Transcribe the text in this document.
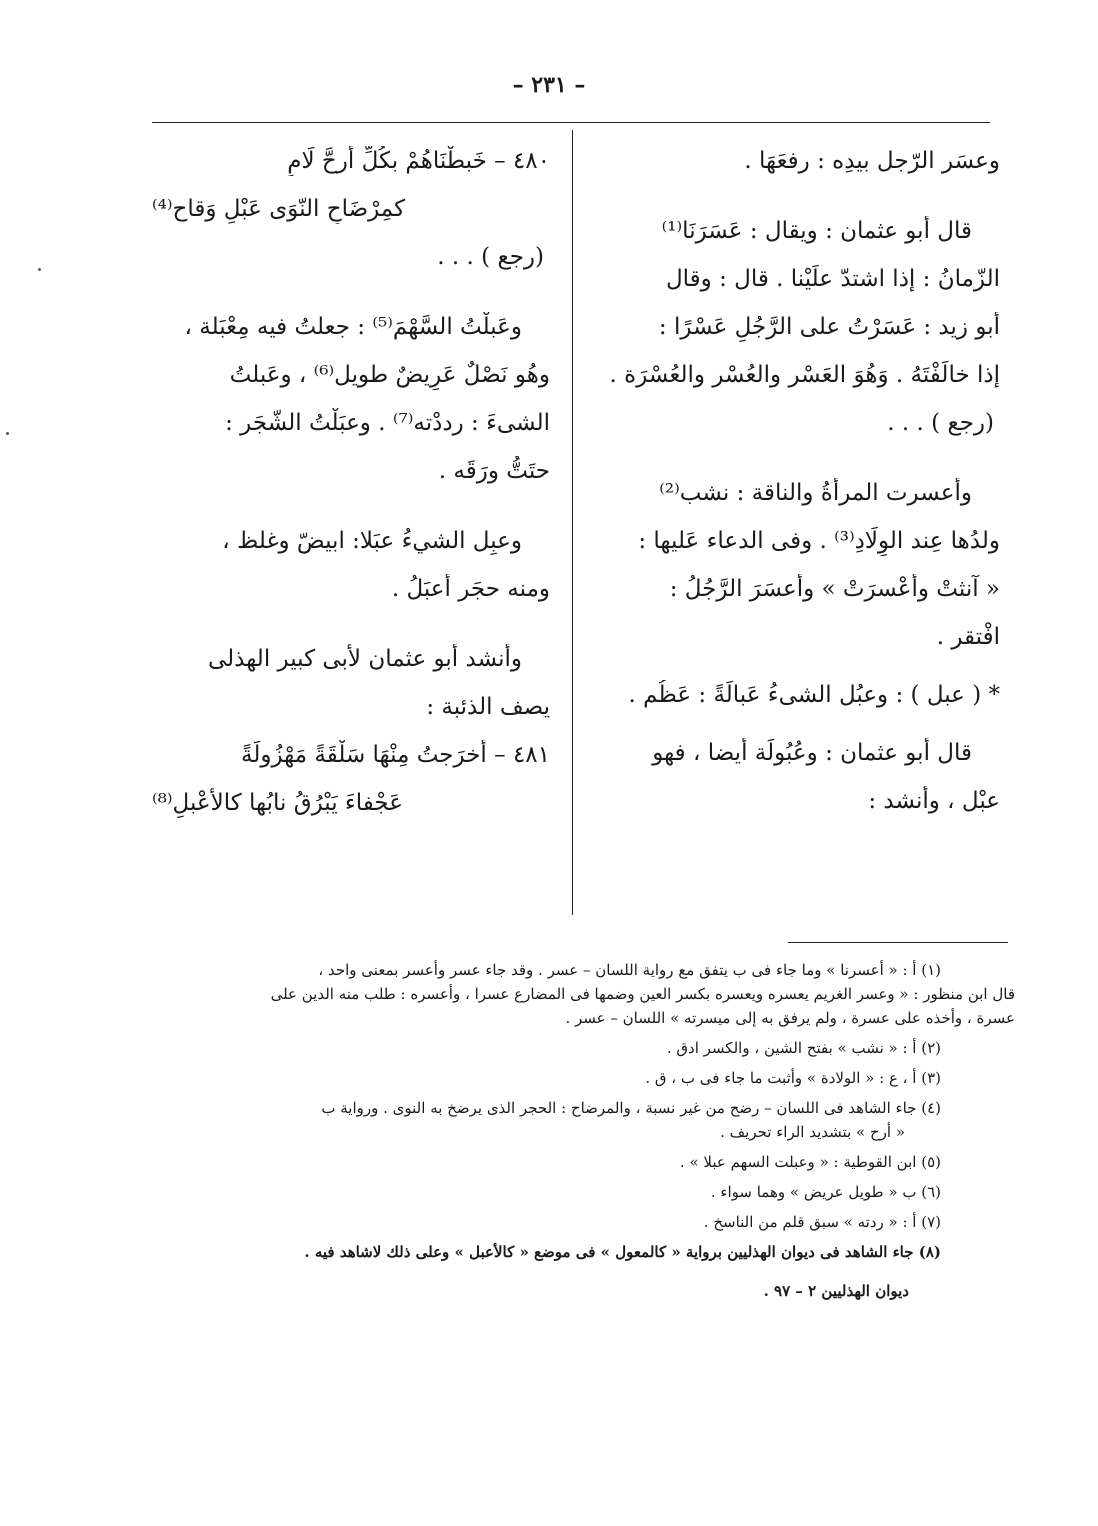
– ٢٣١ –

وعسَر الرّجل بيدِه : رفعَهَا .

قال أبو عثمان : ويقال : عَسَرَنَا⁽¹⁾

الزّمانُ : إذا اشتدّ علَيْنا . قال : وقال

أبو زيد : عَسَرْتُ على الرَّجُلِ عَسْرًا :

إذا خالَفْتَهُ . وَهُوَ العَسْر والعُسْر والعُسْرَة .

(رجع ) . . .

وأعسرت المرأَةُ والناقة : نشب⁽²⁾

ولدُها عِند الوِلَادِ⁽³⁾ . وفى الدعاء عَليها :

« آنثتْ وأعْسرَتْ » وأعسَرَ الرَّجُلُ :

افْتقر .

* ( عبل ) : وعبُل الشىءُ عَبالَةً : عَظُم .

قال أبو عثمان : وعُبُولَة أيضا ، فهو

عبْل ، وأنشد :

٤٨٠ – خَبطْنَاهُمْ بكُلِّ أرحَّ لَامٍ

كمِرْضَاحِ النّوَى عَبْلٍ وَقاح⁽⁴⁾

(رجع ) . . .

وعَبلْتُ السَّهْمَ⁽⁵⁾ : جعلتُ فيه مِعْبَلة ،

وهُو نَصْلٌ عَرِيضٌ طويل⁽⁶⁾ ، وعَبلتُ

الشىءَ : رددْته⁽⁷⁾ . وعبَلْتُ الشّجَر :

حتَتُّ ورَقَه .

وعبِل الشيءُ عبَلا: ابيضّ وغلظ ،

ومنه حجَر أعبَلُ .

وأنشد أبو عثمان لأبى كبير الهذلى

يصف الذئبة :

٤٨١ – أخرَجتُ مِنْهَا سَلْقَةً مَهْزُولَةً

عَجْفاءَ يَبْرُقُ نابُها كالأعْبلِ⁽⁸⁾

(١) أ : « أعسرنا » وما جاء فى ب يتفق مع رواية اللسان – عسر . وقد جاء عسر وأعسر بمعنى واحد ،

قال ابن منظور : « وعسر الغريم يعسره ويعسره بكسر العين وضمها فى المضارع عسرا ، وأعسره : طلب منه الدين على

عسرة ، وأخذه على عسرة ، ولم يرفق به إلى ميسرته » اللسان – عسر .

(٢) أ : « نشب » بفتح الشين ، والكسر ادق .

(٣) أ ، ع : « الولادة » وأثبت ما جاء فى ب ، ق .

(٤) جاء الشاهد فى اللسان – رضح من غير نسبة ، والمرضاح : الحجر الذى يرضخ به النوى . ورواية ب

« أرح » بتشديد الراء تحريف .

(٥) ابن القوطية : « وعبلت السهم عبلا » .

(٦) ب « طويل عريض » وهما سواء .

(٧) أ : « ردته » سبق قلم من الناسخ .

(٨) جاء الشاهد فى ديوان الهذليين برواية « كالمعول » فى موضع « كالأعبل » وعلى ذلك لاشاهد فيه .

ديوان الهذليين ٢ – ٩٧ .
